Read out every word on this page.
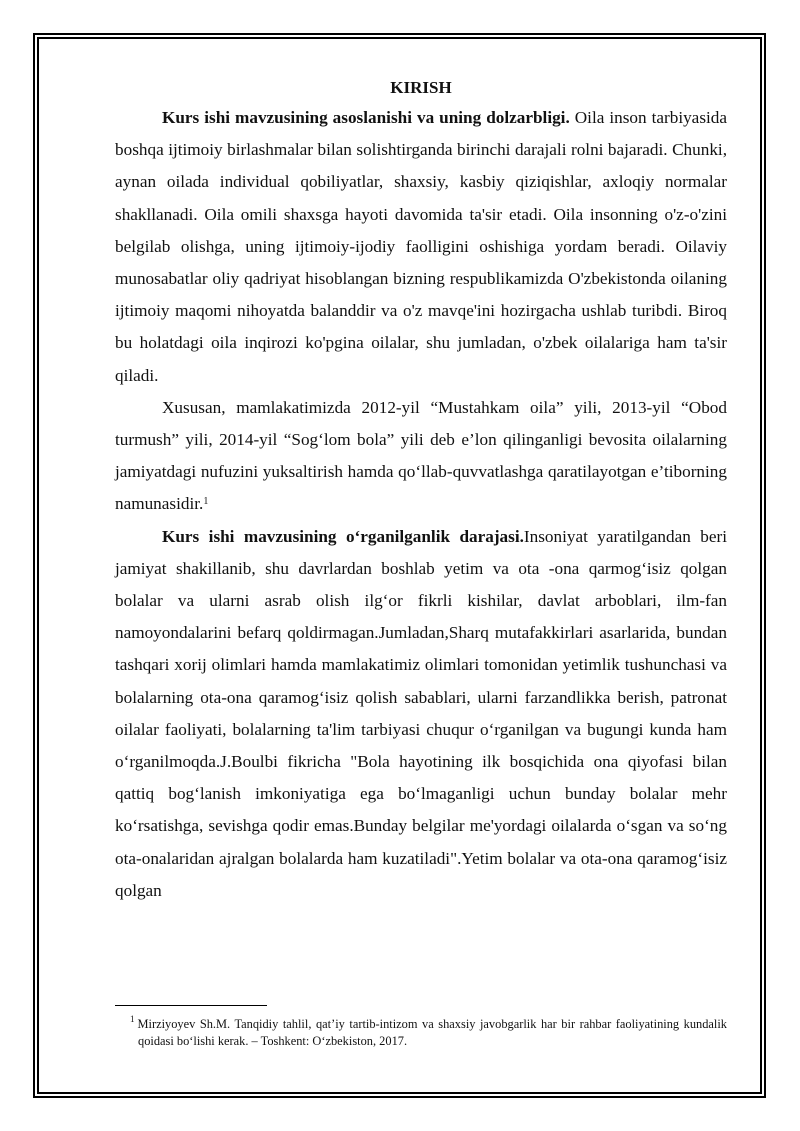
KIRISH

Kurs ishi mavzusining asoslanishi va uning dolzarbligi. Oila inson tarbiyasida boshqa ijtimoiy birlashmalar bilan solishtirganda birinchi darajali rolni bajaradi. Chunki, aynan oilada individual qobiliyatlar, shaxsiy, kasbiy qiziqishlar, axloqiy normalar shakllanadi. Oila omili shaxsga hayoti davomida ta'sir etadi. Oila insonning o'z-o'zini belgilab olishga, uning ijtimoiy-ijodiy faolligini oshishiga yordam beradi. Oilaviy munosabatlar oliy qadriyat hisoblangan bizning respublikamizda O'zbekistonda oilaning ijtimoiy maqomi nihoyatda balanddir va o'z mavqe'ini hozirgacha ushlab turibdi. Biroq bu holatdagi oila inqirozi ko'pgina oilalar, shu jumladan, o'zbek oilalariga ham ta'sir qiladi.

Xususan, mamlakatimizda 2012-yil “Mustahkam oila” yili, 2013-yil “Obod turmush” yili, 2014-yil “Sog‘lom bola” yili deb e’lon qilinganligi bevosita oilalarning jamiyatdagi nufuzini yuksaltirish hamda qo‘llab-quvvatlashga qaratilayotgan e’tiborning namunasidir.$^1$

Kurs ishi mavzusining o‘rganilganlik darajasi.Insoniyat yaratilgandan beri jamiyat shakillanib, shu davrlardan boshlab yetim va ota -ona qarmog‘isiz qolgan bolalar va ularni asrab olish ilg‘or fikrli kishilar, davlat arboblari, ilm-fan namoyondalarini befarq qoldirmagan.Jumladan,Sharq mutafakkirlari asarlarida, bundan tashqari xorij olimlari hamda mamlakatimiz olimlari tomonidan yetimlik tushunchasi va bolalarning ota-ona qaramog‘isiz qolish sabablari, ularni farzandlikka berish, patronat oilalar faoliyati, bolalarning ta'lim tarbiyasi chuqur o‘rganilgan va bugungi kunda ham o‘rganilmoqda.J.Boulbi fikricha "Bola hayotining ilk bosqichida ona qiyofasi bilan qattiq bog‘lanish imkoniyatiga ega bo‘lmaganligi uchun bunday bolalar mehr ko‘rsatishga, sevishga qodir emas.Bunday belgilar me'yordagi oilalarda o‘sgan va so‘ng ota-onalaridan ajralgan bolalarda ham kuzatiladi".Yetim bolalar va ota-ona qaramog‘isiz qolgan

$^1$ Mirziyoyev Sh.M. Tanqidiy tahlil, qat’iy tartib-intizom va shaxsiy javobgarlik har bir rahbar faoliyatining kundalik qoidasi bo‘lishi kerak. – Toshkent: O‘zbekiston, 2017.
